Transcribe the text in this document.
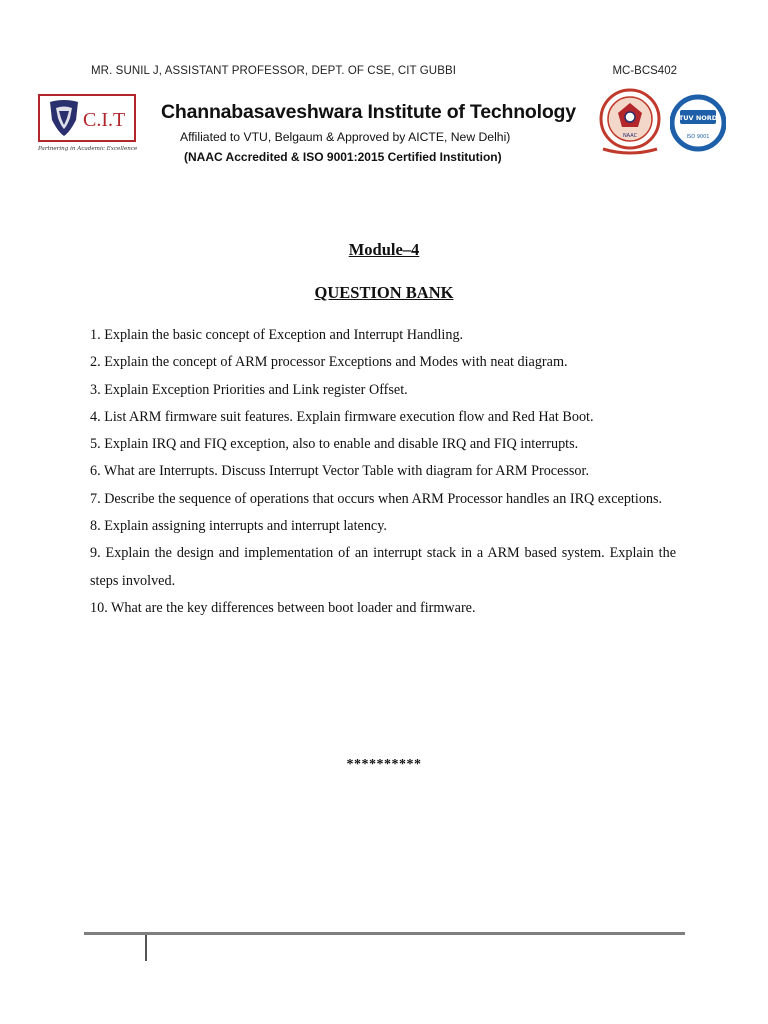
MR. SUNIL J, ASSISTANT PROFESSOR, DEPT. OF CSE, CIT GUBBI	MC-BCS402
C.I.T
Partnering in Academic Excellence
Channabasaveshwara Institute of Technology
Affiliated to VTU, Belgaum & Approved by AICTE, New Delhi)
(NAAC Accredited & ISO 9001:2015 Certified Institution)
NAAC
TUV NORD
ISO 9001
Module–4
QUESTION BANK

1. Explain the basic concept of Exception and Interrupt Handling.

2. Explain the concept of ARM processor Exceptions and Modes with neat diagram.

3. Explain Exception Priorities and Link register Offset.

4. List ARM firmware suit features. Explain firmware execution flow and Red Hat Boot.

5. Explain IRQ and FIQ exception, also to enable and disable IRQ and FIQ interrupts.

6. What are Interrupts. Discuss Interrupt Vector Table with diagram for ARM Processor.

7. Describe the sequence of operations that occurs when ARM Processor handles an IRQ exceptions.

8. Explain assigning interrupts and interrupt latency.

9. Explain the design and implementation of an interrupt stack in a ARM based system. Explain the steps involved.

10. What are the key differences between boot loader and firmware.

**********
